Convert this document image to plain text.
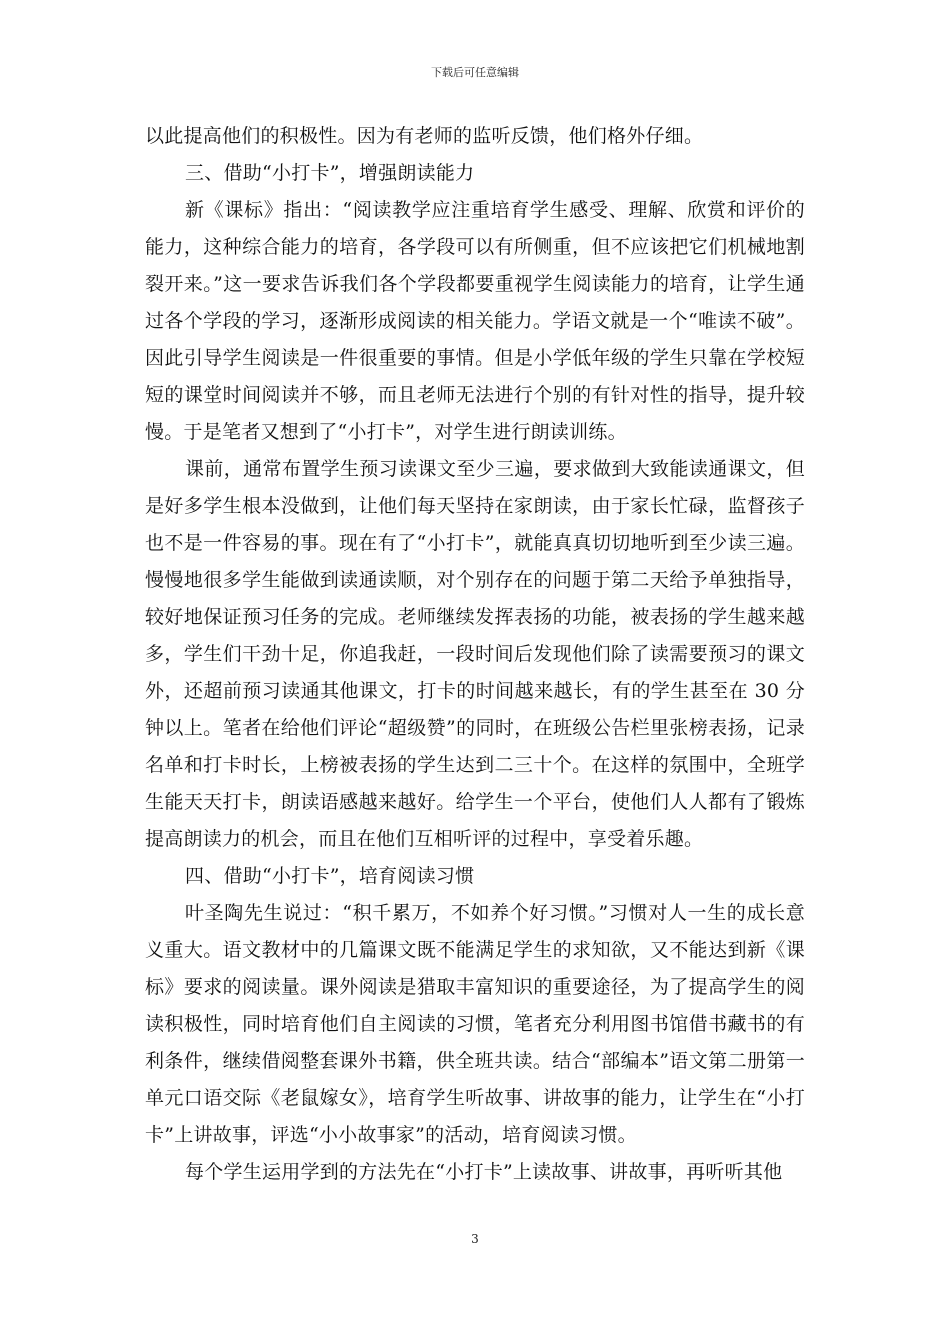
下载后可任意编辑

以此提高他们的积极性。因为有老师的监听反馈，他们格外仔细。

三、借助“小打卡”，增强朗读能力

新《课标》指出：“阅读教学应注重培育学生感受、理解、欣赏和评价的能力，这种综合能力的培育，各学段可以有所侧重，但不应该把它们机械地割裂开来。”这一要求告诉我们各个学段都要重视学生阅读能力的培育，让学生通过各个学段的学习，逐渐形成阅读的相关能力。学语文就是一个“唯读不破”。因此引导学生阅读是一件很重要的事情。但是小学低年级的学生只靠在学校短短的课堂时间阅读并不够，而且老师无法进行个别的有针对性的指导，提升较慢。于是笔者又想到了“小打卡”，对学生进行朗读训练。

课前，通常布置学生预习读课文至少三遍，要求做到大致能读通课文，但是好多学生根本没做到，让他们每天坚持在家朗读，由于家长忙碌，监督孩子也不是一件容易的事。现在有了“小打卡”，就能真真切切地听到至少读三遍。慢慢地很多学生能做到读通读顺，对个别存在的问题于第二天给予单独指导，较好地保证预习任务的完成。老师继续发挥表扬的功能，被表扬的学生越来越多，学生们干劲十足，你追我赶，一段时间后发现他们除了读需要预习的课文外，还超前预习读通其他课文，打卡的时间越来越长，有的学生甚至在 30 分钟以上。笔者在给他们评论“超级赞”的同时，在班级公告栏里张榜表扬，记录名单和打卡时长，上榜被表扬的学生达到二三十个。在这样的氛围中，全班学生能天天打卡，朗读语感越来越好。给学生一个平台，使他们人人都有了锻炼提高朗读力的机会，而且在他们互相听评的过程中，享受着乐趣。

四、借助“小打卡”，培育阅读习惯

叶圣陶先生说过：“积千累万，不如养个好习惯。”习惯对人一生的成长意义重大。语文教材中的几篇课文既不能满足学生的求知欲，又不能达到新《课标》要求的阅读量。课外阅读是猎取丰富知识的重要途径，为了提高学生的阅读积极性，同时培育他们自主阅读的习惯，笔者充分利用图书馆借书藏书的有利条件，继续借阅整套课外书籍，供全班共读。结合“部编本”语文第二册第一单元口语交际《老鼠嫁女》，培育学生听故事、讲故事的能力，让学生在“小打卡”上讲故事，评选“小小故事家”的活动，培育阅读习惯。

每个学生运用学到的方法先在“小打卡”上读故事、讲故事，再听听其他

3
